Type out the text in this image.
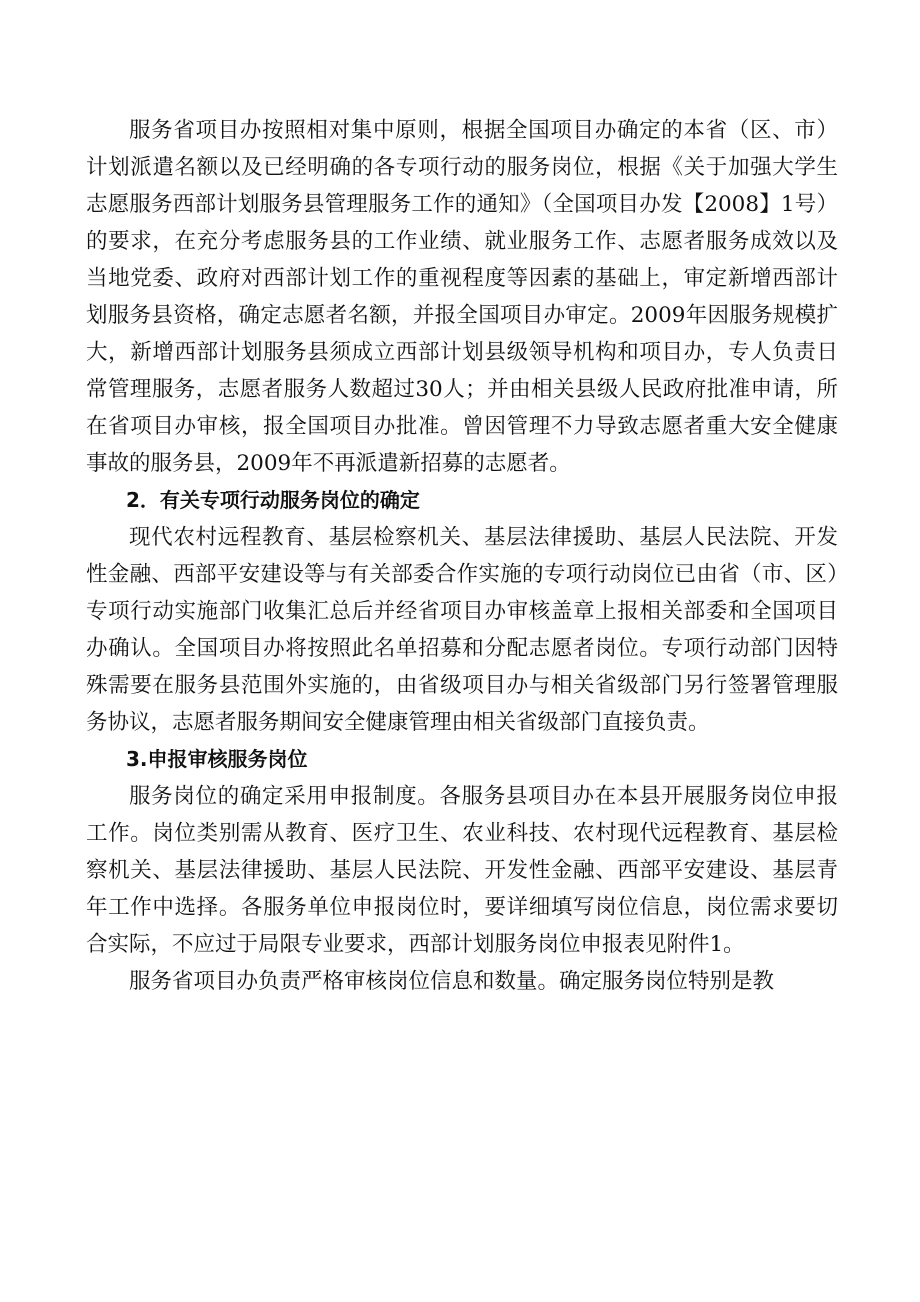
服务省项目办按照相对集中原则，根据全国项目办确定的本省（区、市）计划派遣名额以及已经明确的各专项行动的服务岗位，根据《关于加强大学生志愿服务西部计划服务县管理服务工作的通知》（全国项目办发【2008】1号）的要求，在充分考虑服务县的工作业绩、就业服务工作、志愿者服务成效以及当地党委、政府对西部计划工作的重视程度等因素的基础上，审定新增西部计划服务县资格，确定志愿者名额，并报全国项目办审定。2009年因服务规模扩大，新增西部计划服务县须成立西部计划县级领导机构和项目办，专人负责日常管理服务，志愿者服务人数超过30人；并由相关县级人民政府批准申请，所在省项目办审核，报全国项目办批准。曾因管理不力导致志愿者重大安全健康事故的服务县，2009年不再派遣新招募的志愿者。

2．有关专项行动服务岗位的确定

现代农村远程教育、基层检察机关、基层法律援助、基层人民法院、开发性金融、西部平安建设等与有关部委合作实施的专项行动岗位已由省（市、区）专项行动实施部门收集汇总后并经省项目办审核盖章上报相关部委和全国项目办确认。全国项目办将按照此名单招募和分配志愿者岗位。专项行动部门因特殊需要在服务县范围外实施的，由省级项目办与相关省级部门另行签署管理服务协议，志愿者服务期间安全健康管理由相关省级部门直接负责。

3.申报审核服务岗位

服务岗位的确定采用申报制度。各服务县项目办在本县开展服务岗位申报工作。岗位类别需从教育、医疗卫生、农业科技、农村现代远程教育、基层检察机关、基层法律援助、基层人民法院、开发性金融、西部平安建设、基层青年工作中选择。各服务单位申报岗位时，要详细填写岗位信息，岗位需求要切合实际，不应过于局限专业要求，西部计划服务岗位申报表见附件1。

服务省项目办负责严格审核岗位信息和数量。确定服务岗位特别是教
